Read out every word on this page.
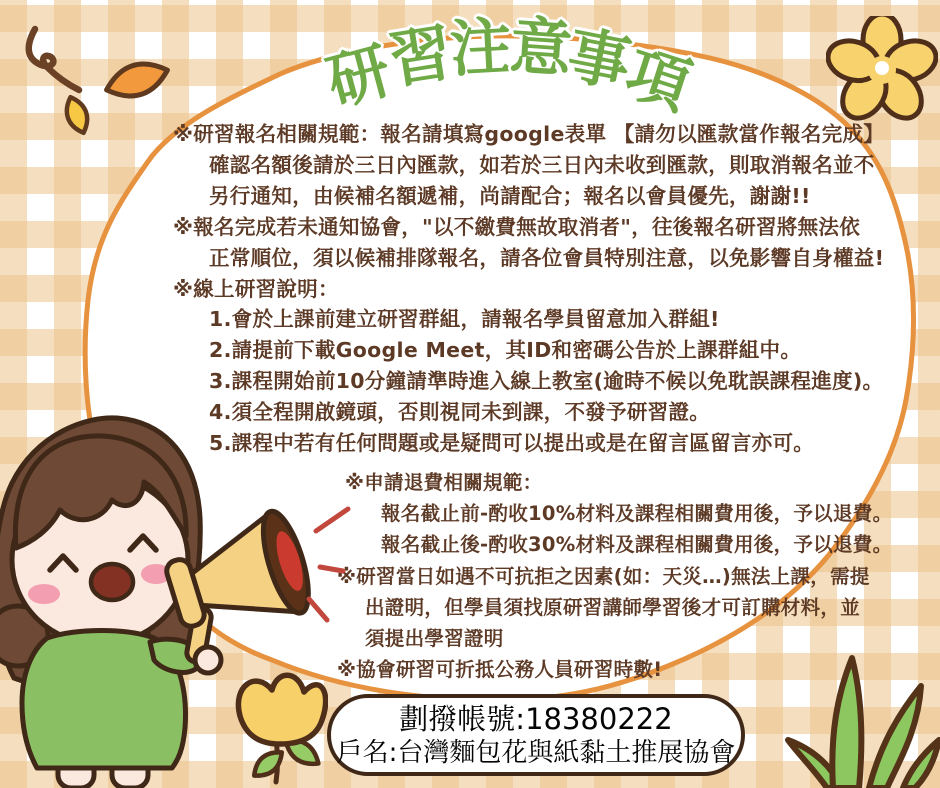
研
習
注
意
事
項
※研習報名相關規範：報名請填寫google表單 【請勿以匯款當作報名完成】
確認名額後請於三日內匯款，如若於三日內未收到匯款，則取消報名並不
另行通知，由候補名額遞補，尚請配合；報名以會員優先，謝謝!!
※報名完成若未通知協會，"以不繳費無故取消者"，往後報名研習將無法依
正常順位，須以候補排隊報名，請各位會員特別注意，以免影響自身權益!
※線上研習說明：
1.會於上課前建立研習群組，請報名學員留意加入群組!
2.請提前下載Google Meet，其ID和密碼公告於上課群組中。
3.課程開始前10分鐘請準時進入線上教室(逾時不候以免耽誤課程進度)。
4.須全程開啟鏡頭，否則視同未到課，不發予研習證。
5.課程中若有任何問題或是疑問可以提出或是在留言區留言亦可。
※申請退費相關規範：
報名截止前-酌收10%材料及課程相關費用後，予以退費。
報名截止後-酌收30%材料及課程相關費用後，予以退費。
※研習當日如遇不可抗拒之因素(如：天災…)無法上課，需提
出證明，但學員須找原研習講師學習後才可訂購材料，並
須提出學習證明
※協會研習可折抵公務人員研習時數!
劃撥帳號:18380222
戶名:台灣麵包花與紙黏土推展協會
